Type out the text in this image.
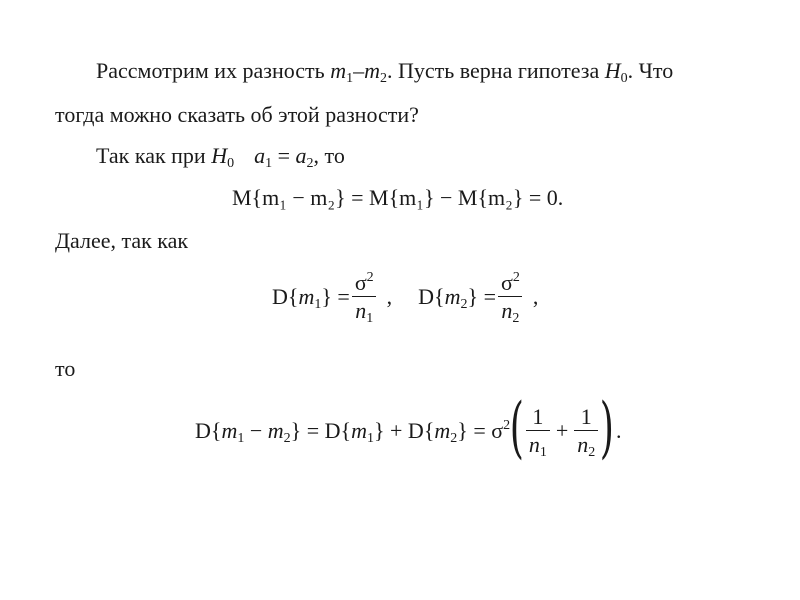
Рассмотрим их разность $m_1-m_2$. Пусть верна гипотеза $H_0$. Что
тогда можно сказать об этой разности?
Так как при $H_0$ $a_1 = a_2$, то
M{m₁ − m₂} = M{m₁} − M{m₂} = 0.
Далее, так как
$D\{m_1\} = \frac{\sigma^2}{n_1}$ , $D\{m_2\} = \frac{\sigma^2}{n_2}$ ,
то
$D\{m_1 - m_2\} = D\{m_1\} + D\{m_2\} = \sigma^2$ ( $\frac{1}{n_1} + \frac{1}{n_2}$ ) .
